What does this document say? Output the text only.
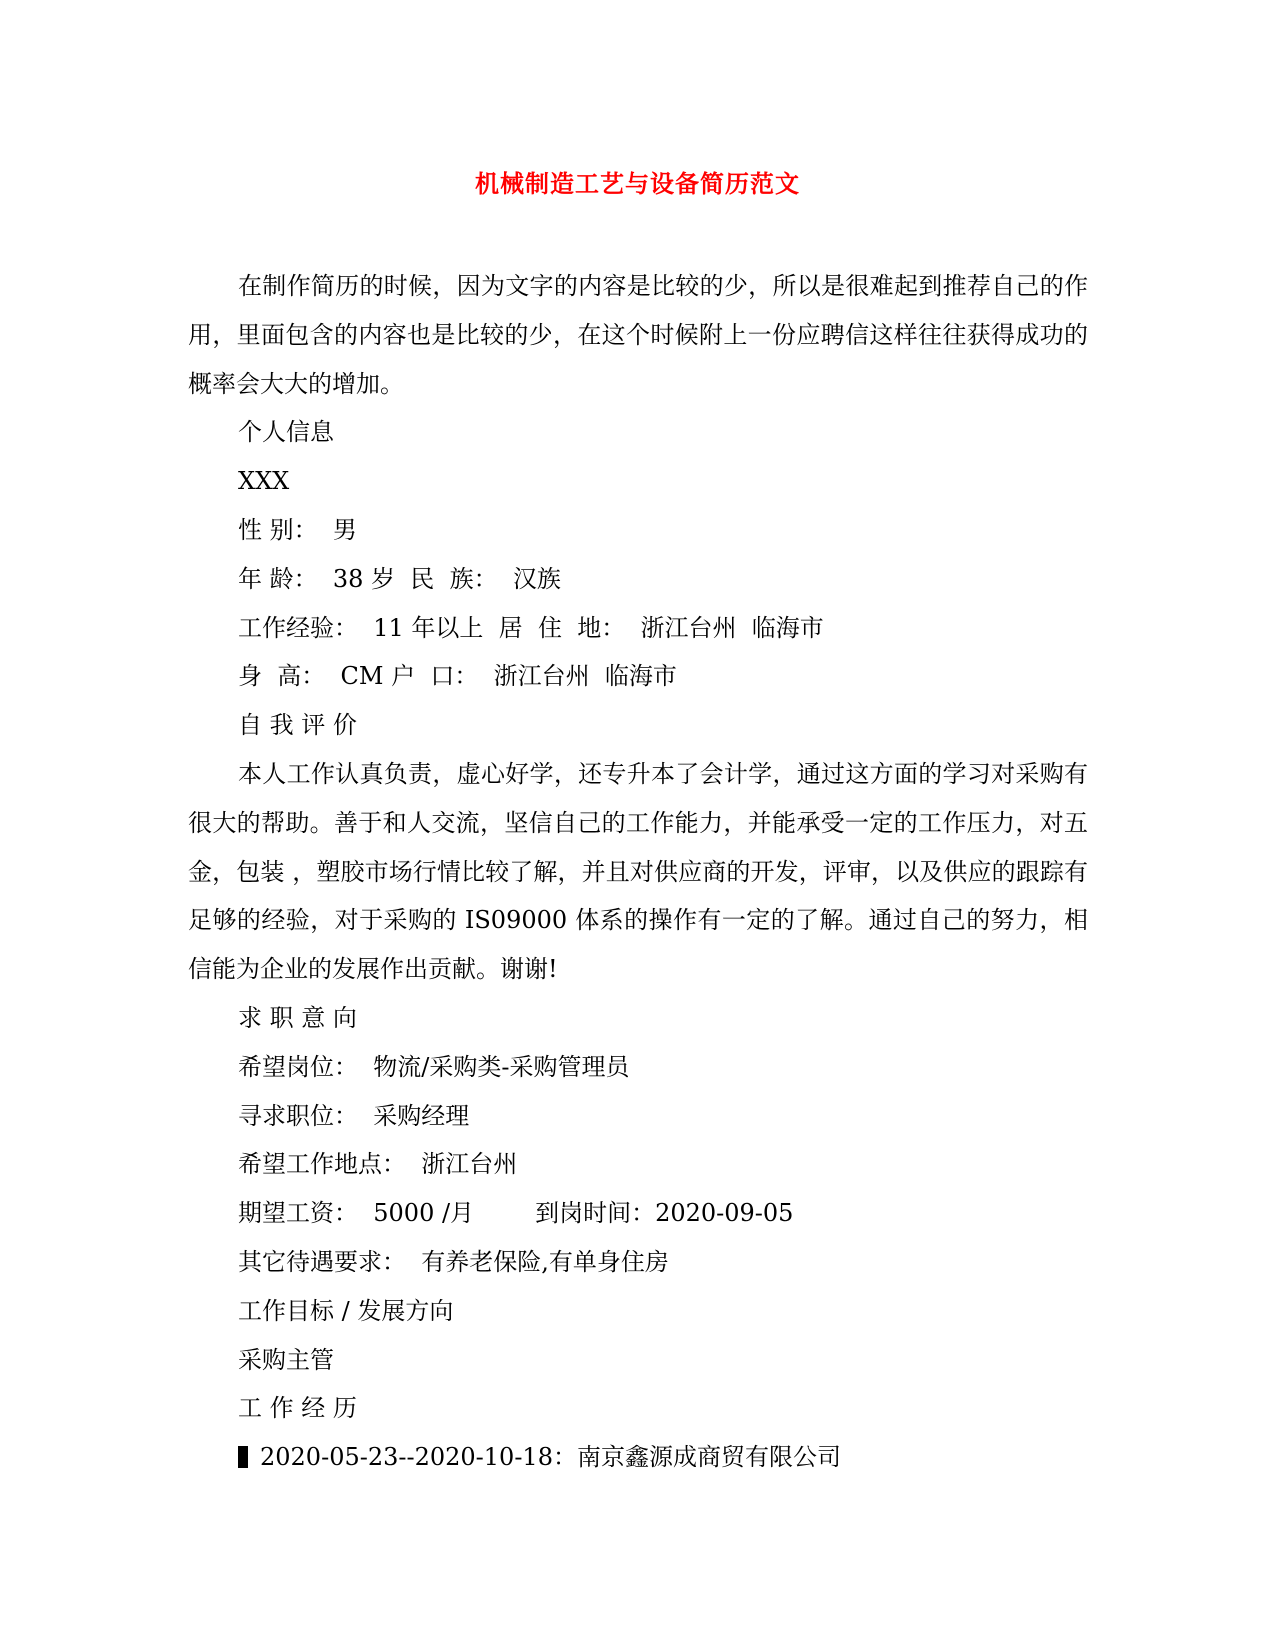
机械制造工艺与设备简历范文

在制作简历的时候，因为文字的内容是比较的少，所以是很难起到推荐自己的作用，里面包含的内容也是比较的少，在这个时候附上一份应聘信这样往往获得成功的概率会大大的增加。

个人信息

XXX

性 别：  男

年 龄：  38 岁  民  族：  汉族

工作经验：  11 年以上  居  住  地：  浙江台州  临海市

身  高：  CM 户  口：  浙江台州  临海市

自 我 评 价

本人工作认真负责，虚心好学，还专升本了会计学，通过这方面的学习对采购有很大的帮助。善于和人交流，坚信自己的工作能力，并能承受一定的工作压力，对五金，包装 ，塑胶市场行情比较了解，并且对供应商的开发，评审，以及供应的跟踪有足够的经验，对于采购的 IS09000 体系的操作有一定的了解。通过自己的努力，相信能为企业的发展作出贡献。谢谢!

求 职 意 向

希望岗位：  物流/采购类-采购管理员

寻求职位：  采购经理

希望工作地点：  浙江台州

期望工资：  5000 /月        到岗时间：2020-09-05

其它待遇要求：  有养老保险,有单身住房

工作目标 / 发展方向

采购主管

工 作 经 历

2020-05-23--2020-10-18：南京鑫源成商贸有限公司
